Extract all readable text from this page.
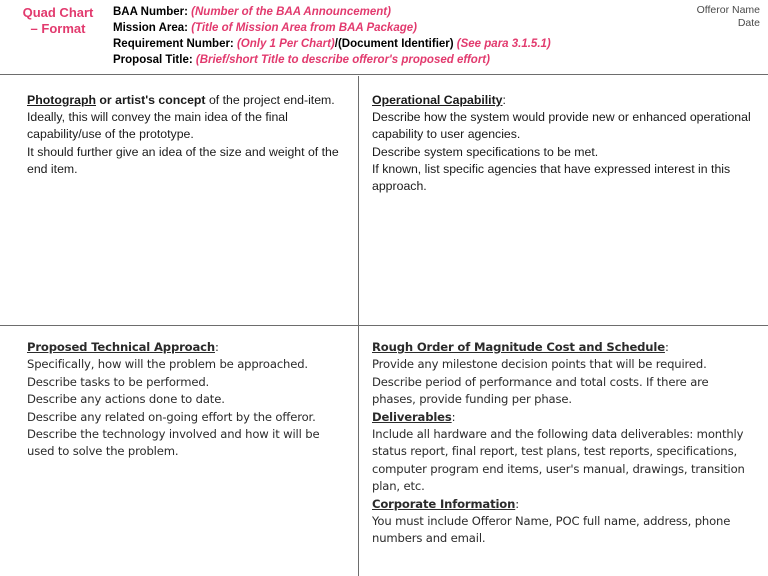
Quad Chart
– Format
BAA Number: (Number of the BAA Announcement)
Mission Area: (Title of Mission Area from BAA Package)
Requirement Number: (Only 1 Per Chart)/(Document Identifier) (See para 3.1.5.1)
Proposal Title: (Brief/short Title to describe offeror's proposed effort)
Offeror Name
Date

Photograph or artist's concept of the project end-item.

Ideally, this will convey the main idea of the final capability/use of the prototype.

It should further give an idea of the size and weight of the end item.

Operational Capability:

Describe how the system would provide new or enhanced operational capability to user agencies.

Describe system specifications to be met.

If known, list specific agencies that have expressed interest in this approach.

Proposed Technical Approach:

Specifically, how will the problem be approached.

Describe tasks to be performed.

Describe any actions done to date.

Describe any related on-going effort by the offeror.

Describe the technology involved and how it will be used to solve the problem.

Rough Order of Magnitude Cost and Schedule:

Provide any milestone decision points that will be required. Describe period of performance and total costs. If there are phases, provide funding per phase.

Deliverables:

Include all hardware and the following data deliverables: monthly status report, final report, test plans, test reports, specifications, computer program end items, user's manual, drawings, transition plan, etc.

Corporate Information:

You must include Offeror Name, POC full name, address, phone numbers and email.
